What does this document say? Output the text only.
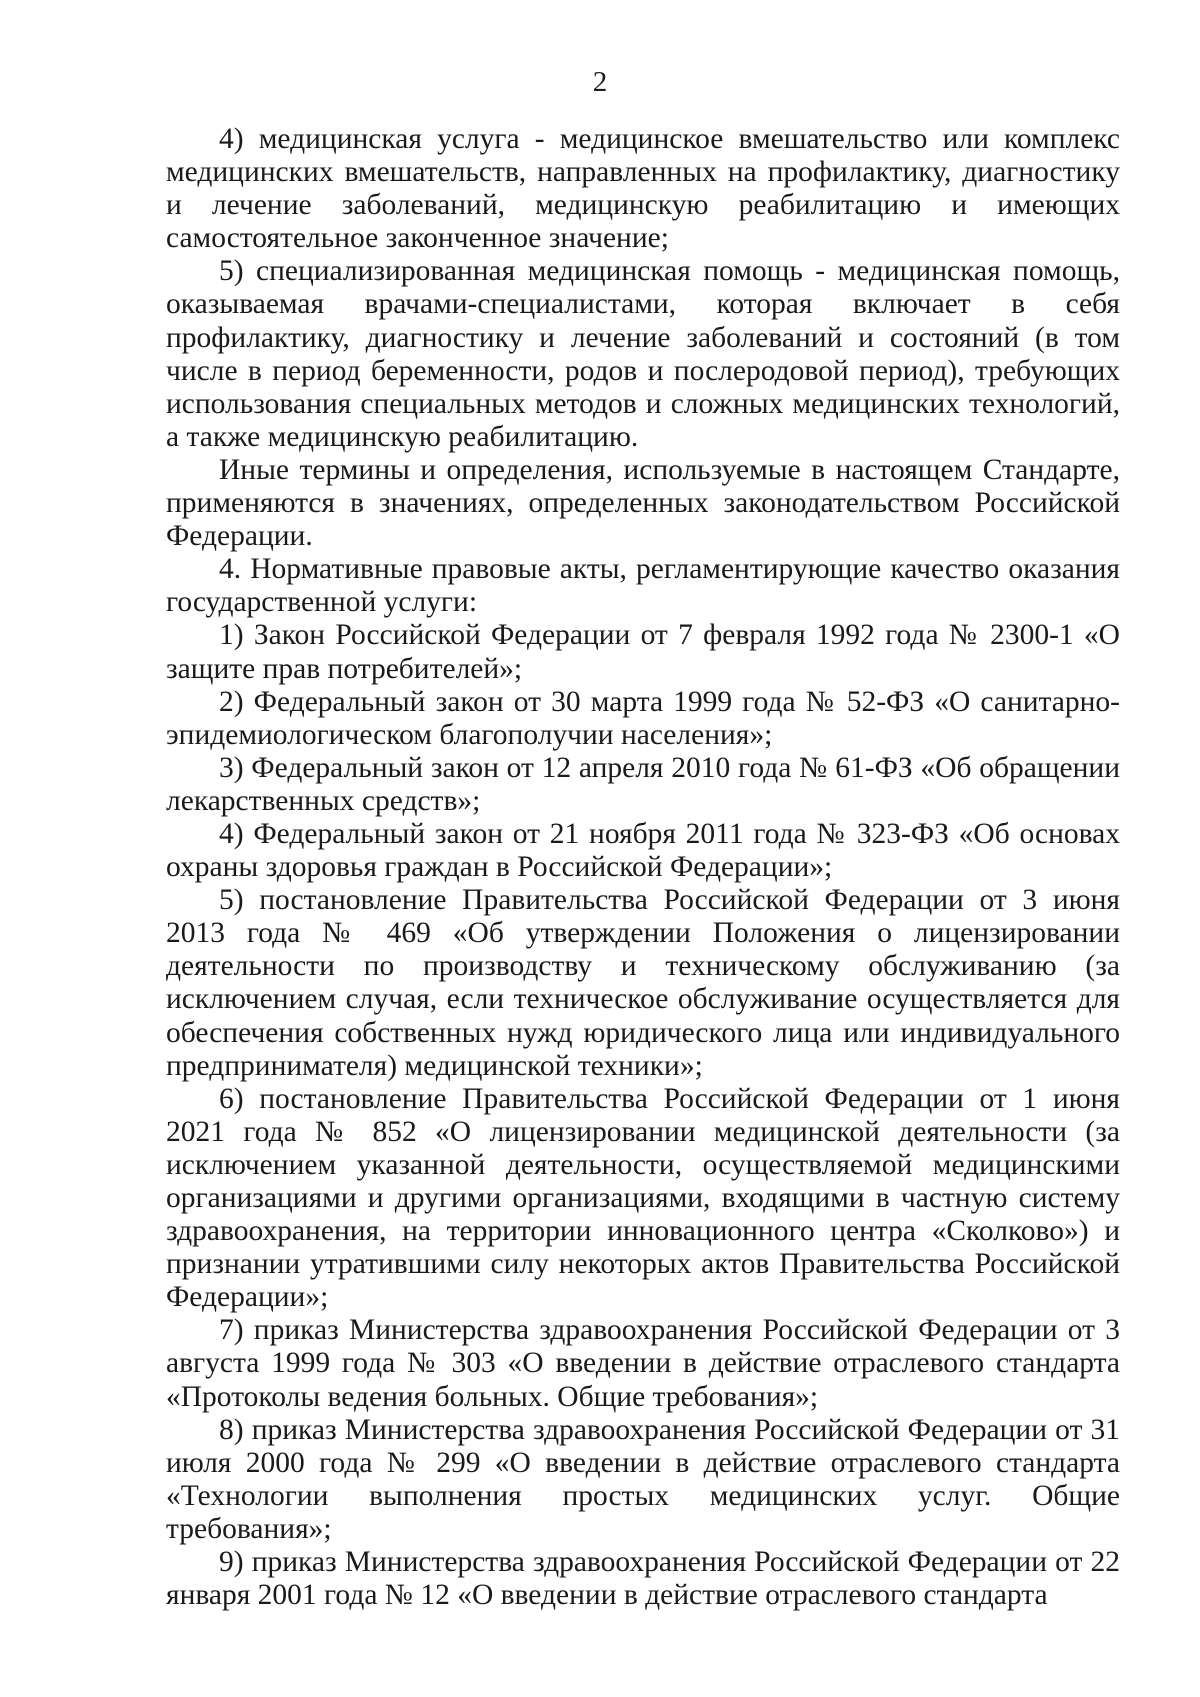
2

4) медицинская услуга - медицинское вмешательство или комплекс медицинских вмешательств, направленных на профилактику, диагностику и лечение заболеваний, медицинскую реабилитацию и имеющих самостоятельное законченное значение;

5) специализированная медицинская помощь - медицинская помощь, оказываемая врачами-специалистами, которая включает в себя профилактику, диагностику и лечение заболеваний и состояний (в том числе в период беременности, родов и послеродовой период), требующих использования специальных методов и сложных медицинских технологий, а также медицинскую реабилитацию.

Иные термины и определения, используемые в настоящем Стандарте, применяются в значениях, определенных законодательством Российской Федерации.

4. Нормативные правовые акты, регламентирующие качество оказания государственной услуги:

1) Закон Российской Федерации от 7 февраля 1992 года № 2300-1 «О защите прав потребителей»;

2) Федеральный закон от 30 марта 1999 года № 52-ФЗ «О санитарно-эпидемиологическом благополучии населения»;

3) Федеральный закон от 12 апреля 2010 года № 61-ФЗ «Об обращении лекарственных средств»;

4) Федеральный закон от 21 ноября 2011 года № 323-ФЗ «Об основах охраны здоровья граждан в Российской Федерации»;

5) постановление Правительства Российской Федерации от 3 июня 2013 года № 469 «Об утверждении Положения о лицензировании деятельности по производству и техническому обслуживанию (за исключением случая, если техническое обслуживание осуществляется для обеспечения собственных нужд юридического лица или индивидуального предпринимателя) медицинской техники»;

6) постановление Правительства Российской Федерации от 1 июня 2021 года № 852 «О лицензировании медицинской деятельности (за исключением указанной деятельности, осуществляемой медицинскими организациями и другими организациями, входящими в частную систему здравоохранения, на территории инновационного центра «Сколково») и признании утратившими силу некоторых актов Правительства Российской Федерации»;

7) приказ Министерства здравоохранения Российской Федерации от 3 августа 1999 года № 303 «О введении в действие отраслевого стандарта «Протоколы ведения больных. Общие требования»;

8) приказ Министерства здравоохранения Российской Федерации от 31 июля 2000 года № 299 «О введении в действие отраслевого стандарта «Технологии выполнения простых медицинских услуг. Общие требования»;

9) приказ Министерства здравоохранения Российской Федерации от 22 января 2001 года № 12 «О введении в действие отраслевого стандарта
